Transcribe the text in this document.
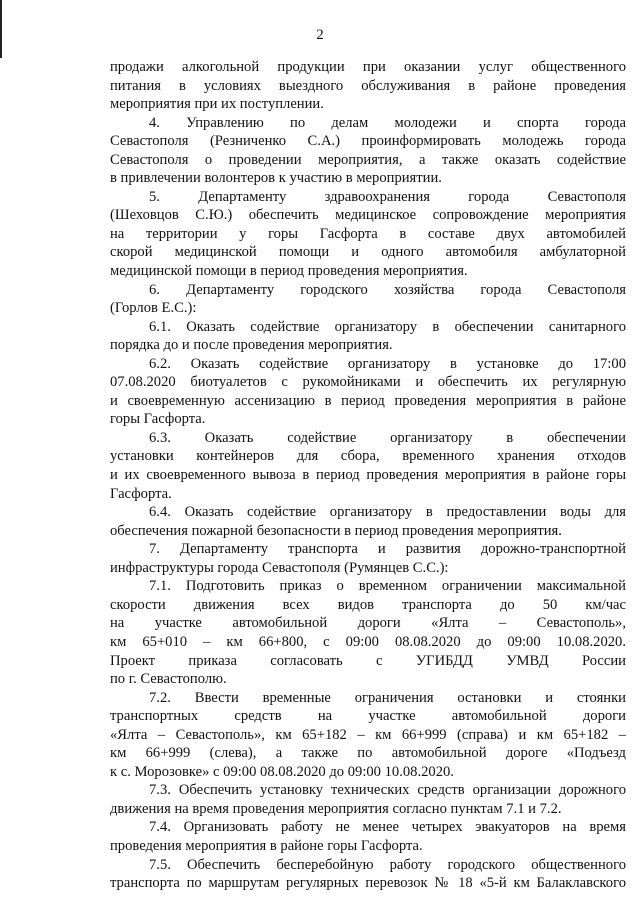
2
продажи алкогольной продукции при оказании услуг общественного
питания в условиях выездного обслуживания в районе проведения
мероприятия при их поступлении.
4. Управлению по делам молодежи и спорта города
Севастополя (Резниченко С.А.) проинформировать молодежь города
Севастополя о проведении мероприятия, а также оказать содействие
в привлечении волонтеров к участию в мероприятии.
5. Департаменту здравоохранения города Севастополя
(Шеховцов С.Ю.) обеспечить медицинское сопровождение мероприятия
на территории у горы Гасфорта в составе двух автомобилей
скорой медицинской помощи и одного автомобиля амбулаторной
медицинской помощи в период проведения мероприятия.
6. Департаменту городского хозяйства города Севастополя
(Горлов Е.С.):
6.1. Оказать содействие организатору в обеспечении санитарного
порядка до и после проведения мероприятия.
6.2. Оказать содействие организатору в установке до 17:00
07.08.2020 биотуалетов с рукомойниками и обеспечить их регулярную
и своевременную ассенизацию в период проведения мероприятия в районе
горы Гасфорта.
6.3. Оказать содействие организатору в обеспечении
установки контейнеров для сбора, временного хранения отходов
и их своевременного вывоза в период проведения мероприятия в районе горы
Гасфорта.
6.4. Оказать содействие организатору в предоставлении воды для
обеспечения пожарной безопасности в период проведения мероприятия.
7. Департаменту транспорта и развития дорожно-транспортной
инфраструктуры города Севастополя (Румянцев С.С.):
7.1. Подготовить приказ о временном ограничении максимальной
скорости движения всех видов транспорта до 50 км/час
на участке автомобильной дороги «Ялта – Севастополь»,
км 65+010 – км 66+800, с 09:00 08.08.2020 до 09:00 10.08.2020.
Проект приказа согласовать с УГИБДД УМВД России
по г. Севастополю.
7.2. Ввести временные ограничения остановки и стоянки
транспортных средств на участке автомобильной дороги
«Ялта – Севастополь», км 65+182 – км 66+999 (справа) и км 65+182 –
км 66+999 (слева), а также по автомобильной дороге «Подъезд
к с. Морозовке» с 09:00 08.08.2020 до 09:00 10.08.2020.
7.3. Обеспечить установку технических средств организации дорожного
движения на время проведения мероприятия согласно пунктам 7.1 и 7.2.
7.4. Организовать работу не менее четырех эвакуаторов на время
проведения мероприятия в районе горы Гасфорта.
7.5. Обеспечить бесперебойную работу городского общественного
транспорта по маршрутам регулярных перевозок № 18 «5-й км Балаклавского
